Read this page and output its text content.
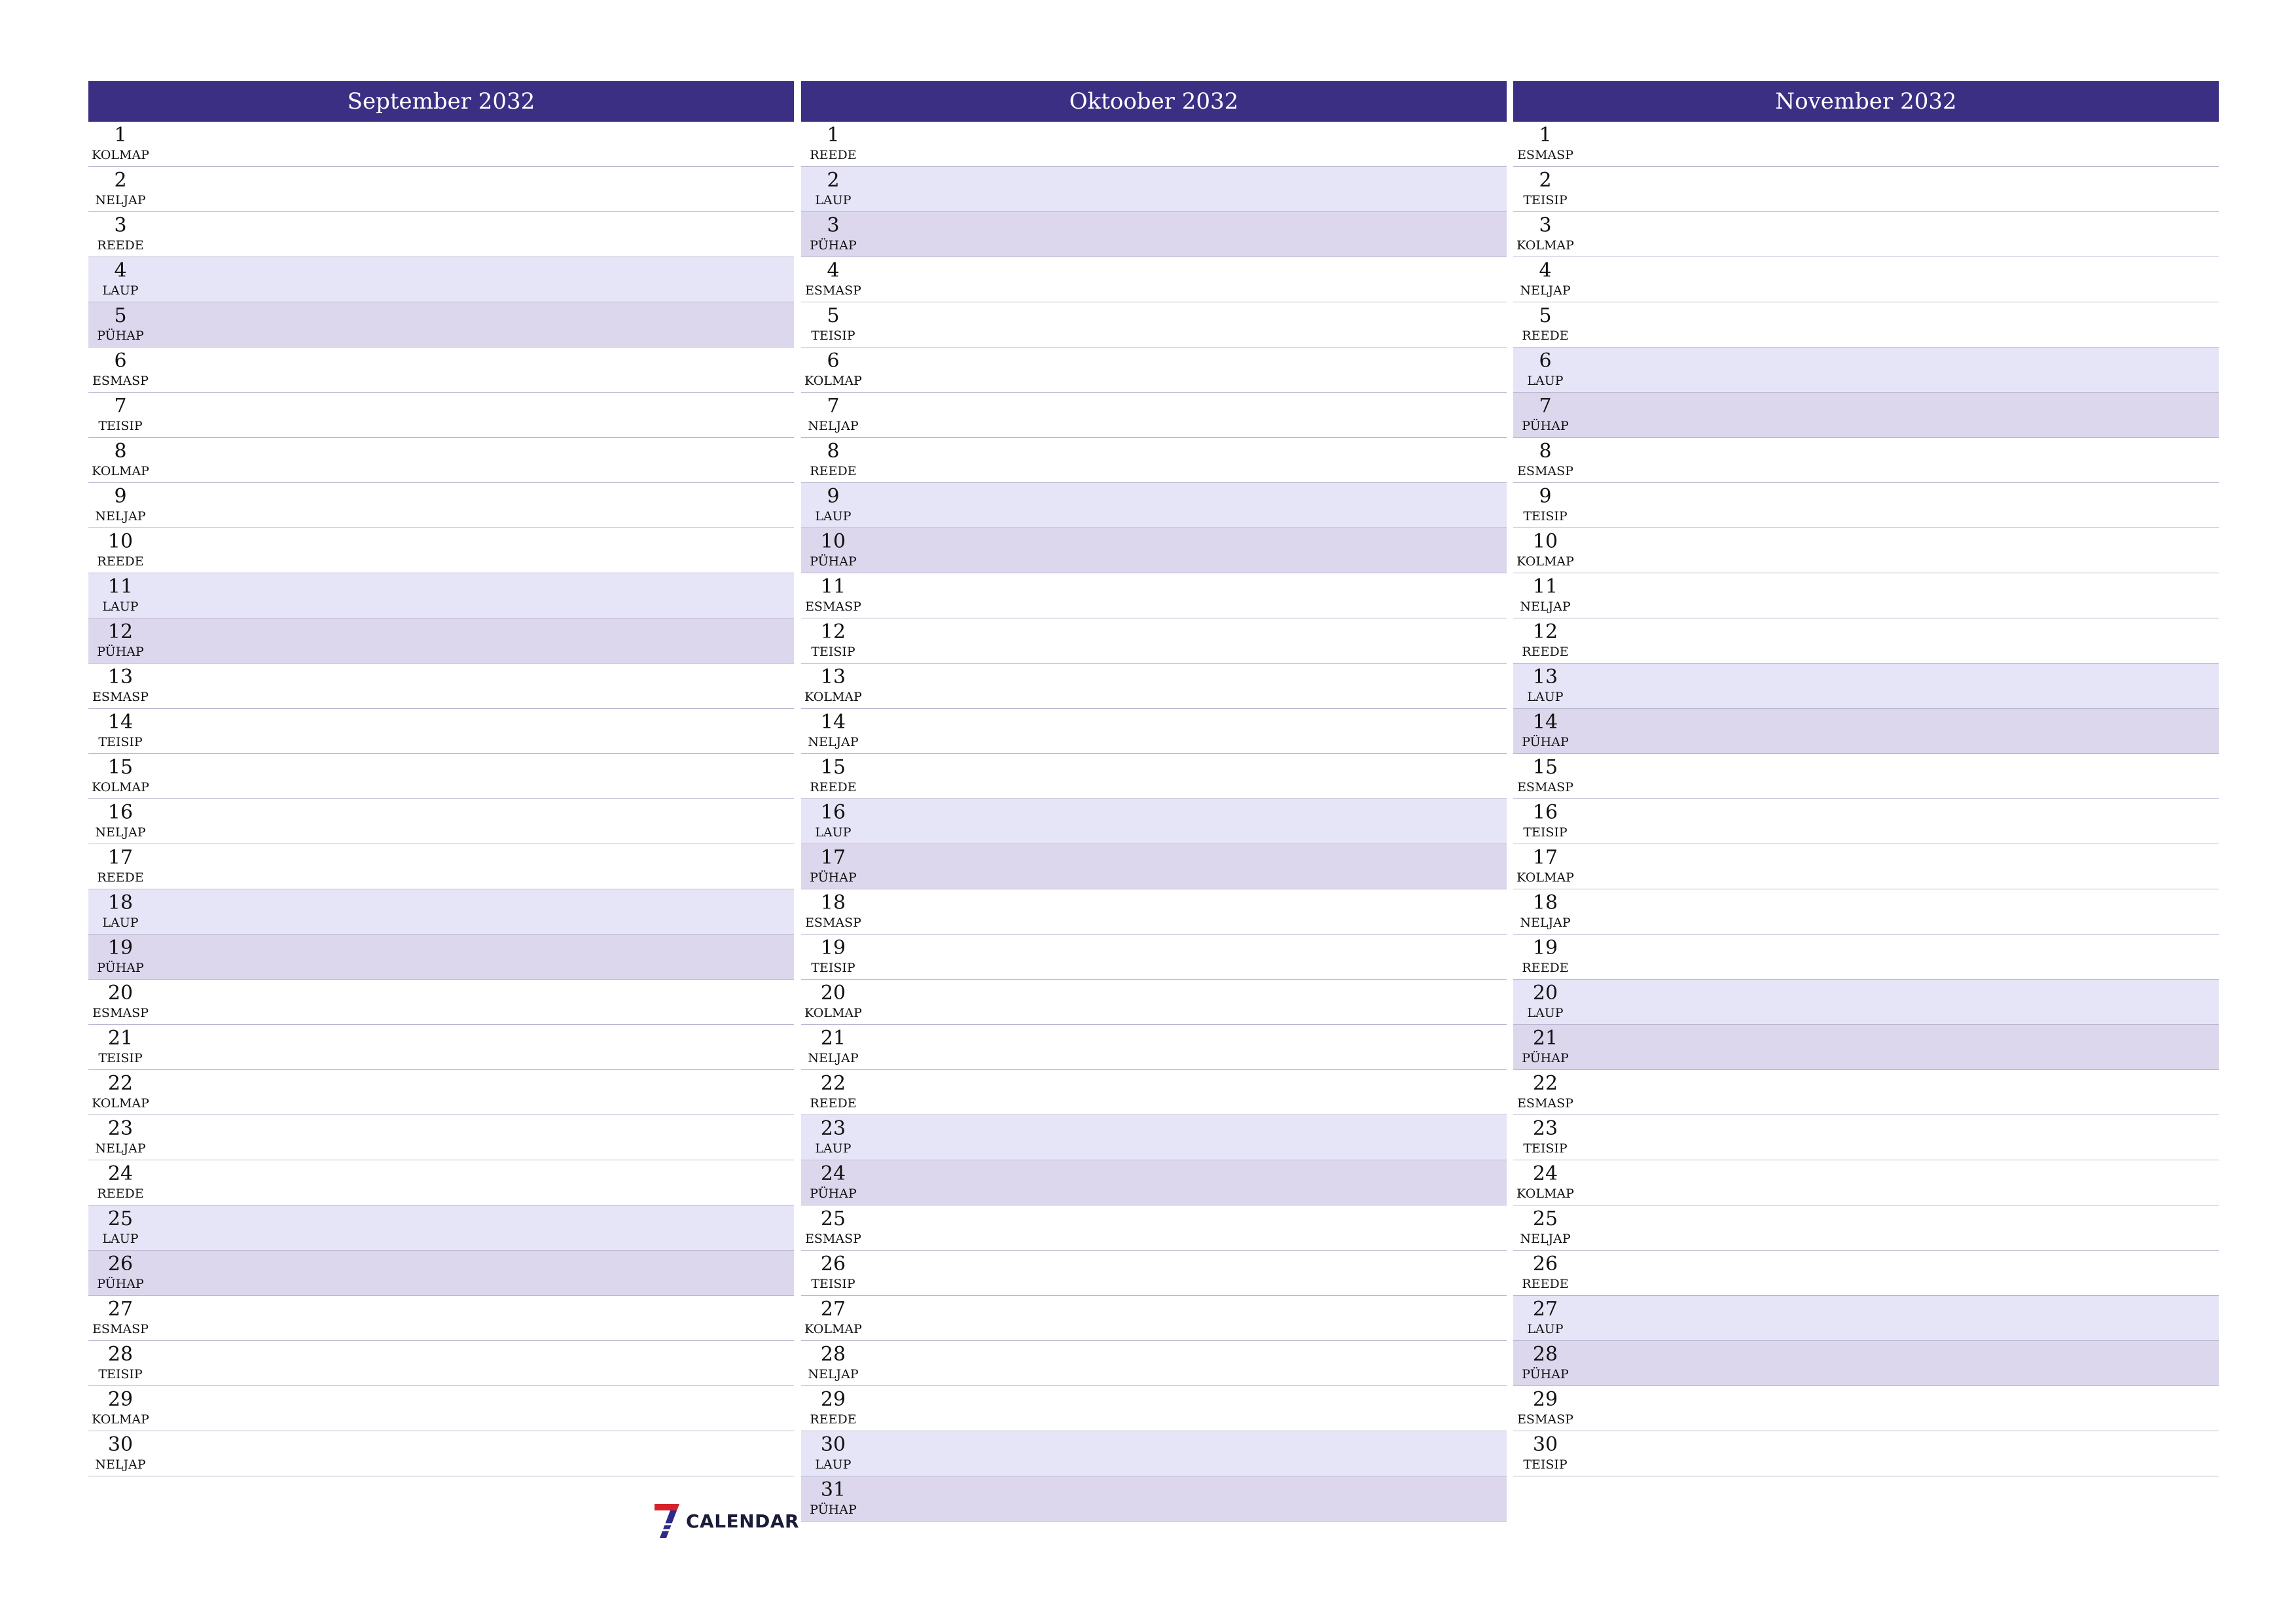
September 2032
1
KOLMAP
2
NELJAP
3
REEDE
4
LAUP
5
PÜHAP
6
ESMASP
7
TEISIP
8
KOLMAP
9
NELJAP
10
REEDE
11
LAUP
12
PÜHAP
13
ESMASP
14
TEISIP
15
KOLMAP
16
NELJAP
17
REEDE
18
LAUP
19
PÜHAP
20
ESMASP
21
TEISIP
22
KOLMAP
23
NELJAP
24
REEDE
25
LAUP
26
PÜHAP
27
ESMASP
28
TEISIP
29
KOLMAP
30
NELJAP
Oktoober 2032
1
REEDE
2
LAUP
3
PÜHAP
4
ESMASP
5
TEISIP
6
KOLMAP
7
NELJAP
8
REEDE
9
LAUP
10
PÜHAP
11
ESMASP
12
TEISIP
13
KOLMAP
14
NELJAP
15
REEDE
16
LAUP
17
PÜHAP
18
ESMASP
19
TEISIP
20
KOLMAP
21
NELJAP
22
REEDE
23
LAUP
24
PÜHAP
25
ESMASP
26
TEISIP
27
KOLMAP
28
NELJAP
29
REEDE
30
LAUP
31
PÜHAP
November 2032
1
ESMASP
2
TEISIP
3
KOLMAP
4
NELJAP
5
REEDE
6
LAUP
7
PÜHAP
8
ESMASP
9
TEISIP
10
KOLMAP
11
NELJAP
12
REEDE
13
LAUP
14
PÜHAP
15
ESMASP
16
TEISIP
17
KOLMAP
18
NELJAP
19
REEDE
20
LAUP
21
PÜHAP
22
ESMASP
23
TEISIP
24
KOLMAP
25
NELJAP
26
REEDE
27
LAUP
28
PÜHAP
29
ESMASP
30
TEISIP
CALENDAR
